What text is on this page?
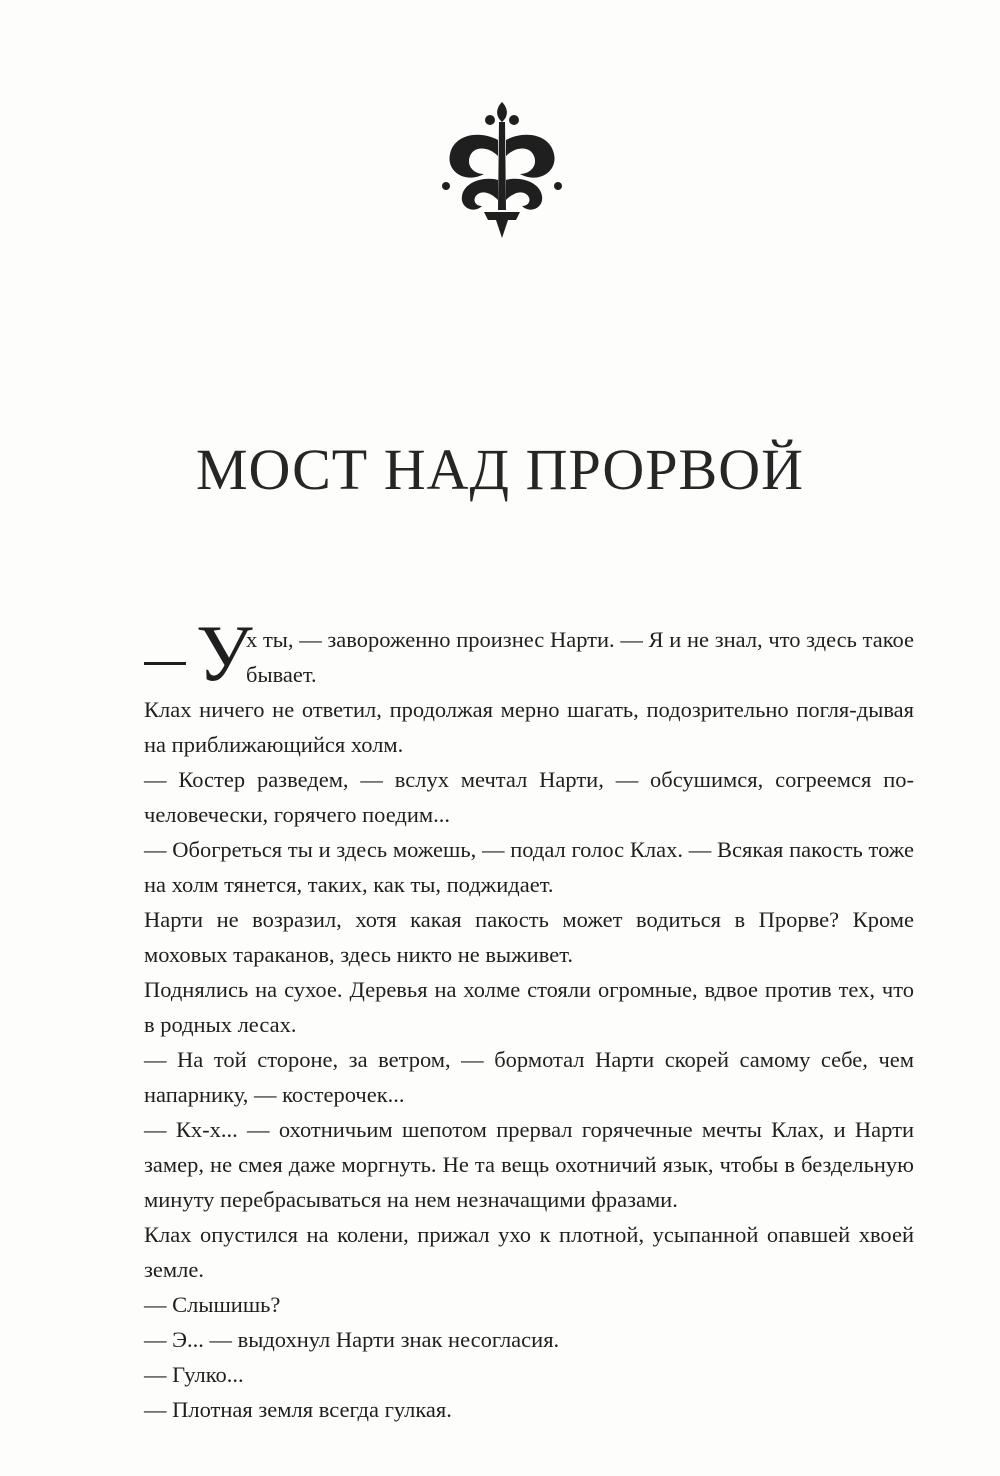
МОСТ НАД ПРОРВОЙ

У
х ты, — завороженно произнес Нарти. — Я и не знал, что здесь такое бывает.

Клах ничего не ответил, продолжая мерно шагать, подозрительно погля-дывая на приближающийся холм.

— Костер разведем, — вслух мечтал Нарти, — обсушимся, согреемся по-человечески, горячего поедим...

— Обогреться ты и здесь можешь, — подал голос Клах. — Всякая пакость тоже на холм тянется, таких, как ты, поджидает.

Нарти не возразил, хотя какая пакость может водиться в Прорве? Кроме моховых тараканов, здесь никто не выживет.

Поднялись на сухое. Деревья на холме стояли огромные, вдвое против тех, что в родных лесах.

— На той стороне, за ветром, — бормотал Нарти скорей самому себе, чем напарнику, — костерочек...

— Кх-х... — охотничьим шепотом прервал горячечные мечты Клах, и Нарти замер, не смея даже моргнуть. Не та вещь охотничий язык, чтобы в бездельную минуту перебрасываться на нем незначащими фразами.

Клах опустился на колени, прижал ухо к плотной, усыпанной опавшей хвоей земле.

— Слышишь?

— Э... — выдохнул Нарти знак несогласия.

— Гулко...

— Плотная земля всегда гулкая.
